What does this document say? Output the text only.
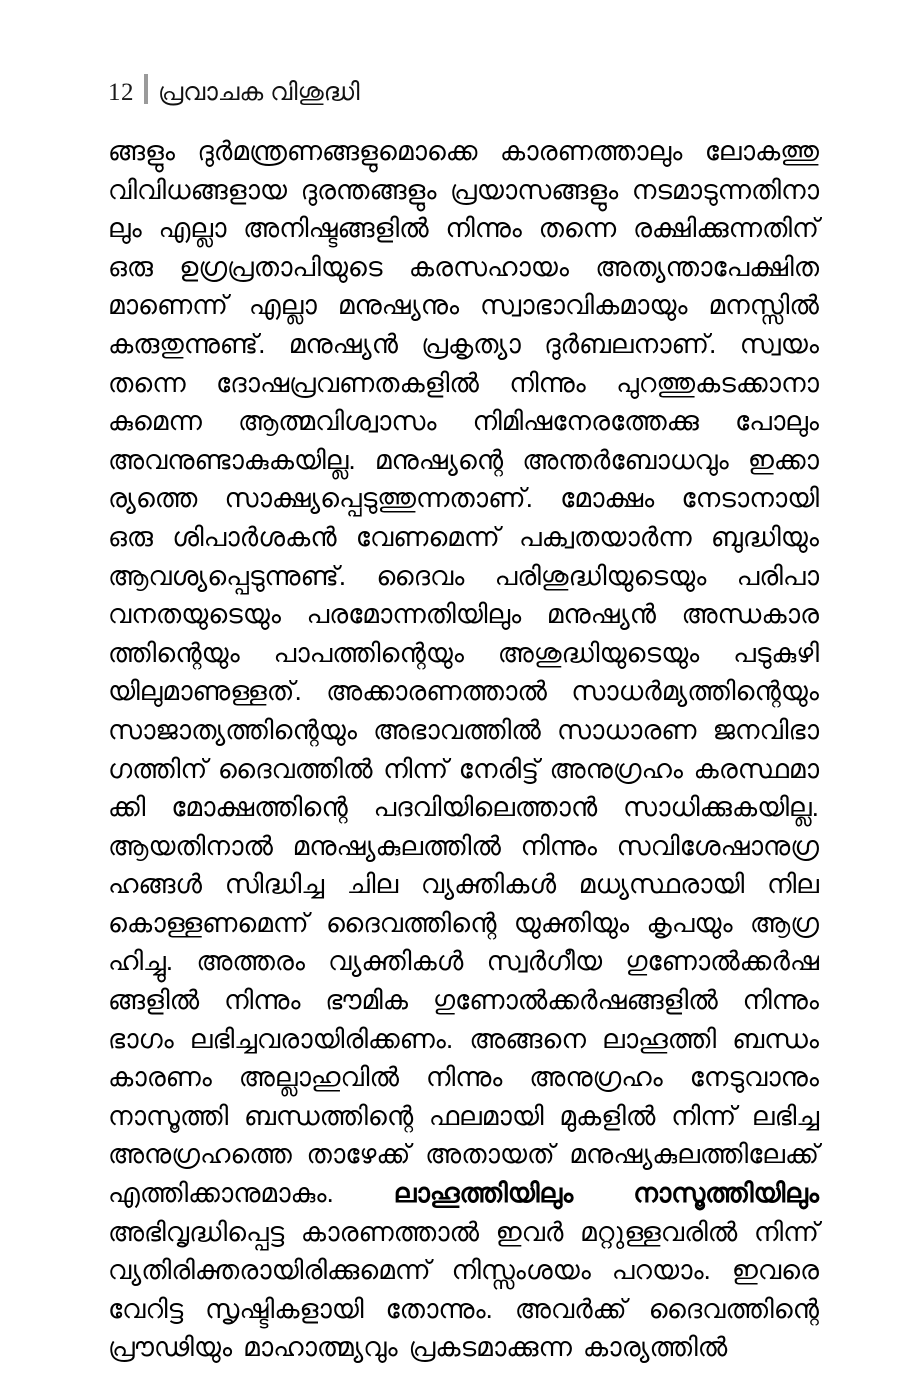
12 പ്രവാചക വിശുദ്ധി
ങ്ങളും ദുര്‍മന്ത്രണങ്ങളുമൊക്കെ കാരണത്താലും ലോകത്തു
വിവിധങ്ങളായ ദുരന്തങ്ങളും പ്രയാസങ്ങളും നടമാടുന്നതിനാ
ലും എല്ലാ അനിഷ്ടങ്ങളില്‍ നിന്നും തന്നെ രക്ഷിക്കുന്നതിന്
ഒരു ഉഗ്രപ്രതാപിയുടെ കരസഹായം അത്യന്താപേക്ഷിത
മാണെന്ന് എല്ലാ മനുഷ്യനും സ്വാഭാവികമായും മനസ്സില്‍
കരുതുന്നുണ്ട്. മനുഷ്യന്‍ പ്രകൃത്യാ ദുര്‍ബലനാണ്. സ്വയം
തന്നെ ദോഷപ്രവണതകളില്‍ നിന്നും പുറത്തുകടക്കാനാ
കുമെന്ന ആത്മവിശ്വാസം നിമിഷനേരത്തേക്കു പോലും
അവനുണ്ടാകുകയില്ല. മനുഷ്യന്റെ അന്തര്‍ബോധവും ഇക്കാ
ര്യത്തെ സാക്ഷ്യപ്പെടുത്തുന്നതാണ്. മോക്ഷം നേടാനായി
ഒരു ശിപാര്‍ശകന്‍ വേണമെന്ന് പക്വതയാര്‍ന്ന ബുദ്ധിയും
ആവശ്യപ്പെടുന്നുണ്ട്. ദൈവം പരിശുദ്ധിയുടെയും പരിപാ
വനതയുടെയും പരമോന്നതിയിലും മനുഷ്യന്‍ അന്ധകാര
ത്തിന്റെയും പാപത്തിന്റെയും അശുദ്ധിയുടെയും പടുകുഴി
യിലുമാണുള്ളത്. അക്കാരണത്താല്‍ സാധര്‍മ്യത്തിന്റെയും
സാജാത്യത്തിന്റെയും അഭാവത്തില്‍ സാധാരണ ജനവിഭാ
ഗത്തിന് ദൈവത്തില്‍ നിന്ന് നേരിട്ട് അനുഗ്രഹം കരസ്ഥമാ
ക്കി മോക്ഷത്തിന്റെ പദവിയിലെത്താന്‍ സാധിക്കുകയില്ല.
ആയതിനാല്‍ മനുഷ്യകുലത്തില്‍ നിന്നും സവിശേഷാനുഗ്ര
ഹങ്ങള്‍ സിദ്ധിച്ച ചില വ്യക്തികള്‍ മധ്യസ്ഥരായി നില
കൊള്ളണമെന്ന് ദൈവത്തിന്റെ യുക്തിയും കൃപയും ആഗ്ര
ഹിച്ചു. അത്തരം വ്യക്തികള്‍ സ്വര്‍ഗീയ ഗുണോല്‍ക്കര്‍ഷ
ങ്ങളില്‍ നിന്നും ഭൗമിക ഗുണോല്‍ക്കര്‍ഷങ്ങളില്‍ നിന്നും
ഭാഗം ലഭിച്ചവരായിരിക്കണം. അങ്ങനെ ലാഹൂത്തി ബന്ധം
കാരണം അല്ലാഹുവില്‍ നിന്നും അനുഗ്രഹം നേടുവാനും
നാസൂത്തി ബന്ധത്തിന്റെ ഫലമായി മുകളില്‍ നിന്ന് ലഭിച്ച
അനുഗ്രഹത്തെ താഴേക്ക് അതായത് മനുഷ്യകുലത്തിലേക്ക്
എത്തിക്കാനുമാകും. ലാഹൂത്തിയിലും നാസൂത്തിയിലും
അഭിവൃദ്ധിപ്പെട്ട കാരണത്താല്‍ ഇവര്‍ മറ്റുള്ളവരില്‍ നിന്ന്
വ്യതിരിക്തരായിരിക്കുമെന്ന് നിസ്സംശയം പറയാം. ഇവരെ
വേറിട്ട സൃഷ്ടികളായി തോന്നും. അവര്‍ക്ക് ദൈവത്തിന്റെ
പ്രൗഢിയും മാഹാത്മ്യവും പ്രകടമാക്കുന്ന കാര്യത്തില്‍
